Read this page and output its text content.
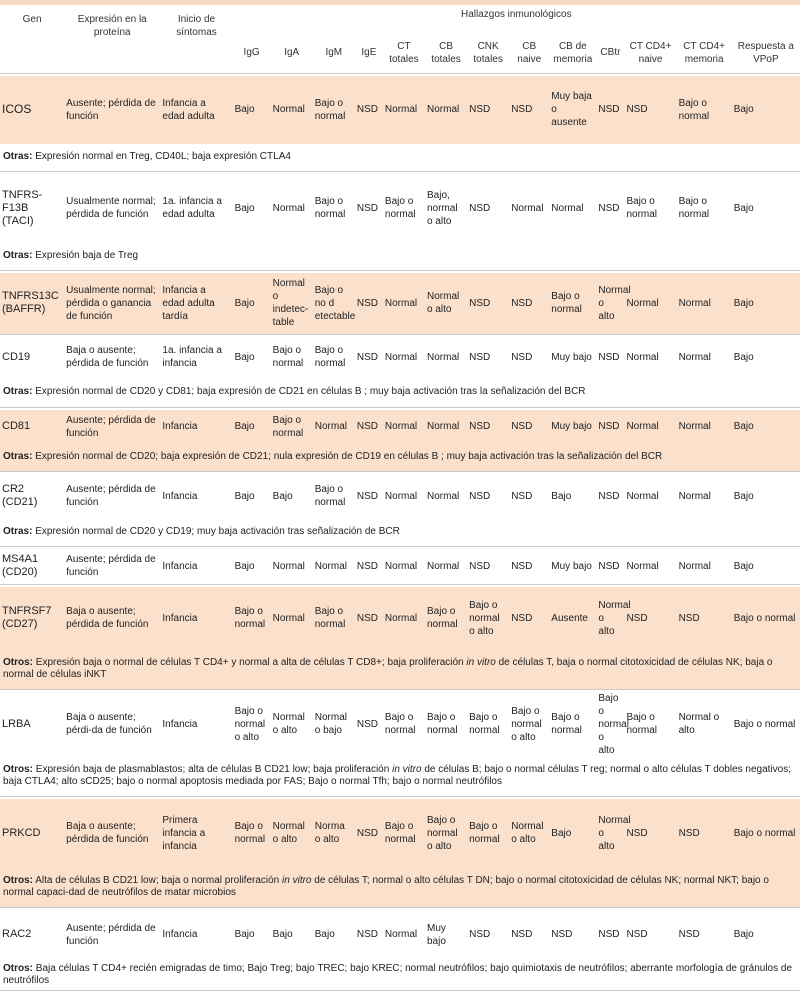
Gen	Expresión en la proteína	Inicio de síntomas	Hallazgos inmunológicos												
			IgG	IgA	IgM	IgE	CT totales	CB totales	CNK totales	CB naive	CB de memoria	CBtr	CT CD4+ naive	CT CD4+ memoria	Respuesta a VPoP

ICOS	Ausente; pérdida de función	Infancia a edad adulta	Bajo	Normal	Bajo o normal	NSD	Normal	Normal	NSD	NSD	Muy baja o ausente	NSD	NSD	Bajo o normal	Bajo
Otras: Expresión normal en Treg, CD40L; baja expresión CTLA4															

TNFRS-F13B (TACI)	Usualmente normal; pérdida de función	1a. infancia a edad adulta	Bajo	Normal	Bajo o normal	NSD	Bajo o normal	Bajo, normal o alto	NSD	Normal	Normal	NSD	Bajo o normal	Bajo o normal	Bajo
Otras: Expresión baja de Treg															

TNFRS13C (BAFFR)	Usualmente normal; pérdida o ganancia de función	Infancia a edad adulta tardía	Bajo	Normal o indetec-table	Bajo o no d etectable	NSD	Normal	Normal o alto	NSD	NSD	Bajo o normal	Normal o alto	Normal	Normal	Bajo

CD19	Baja o ausente; pérdida de función	1a. infancia a infancia	Bajo	Bajo o normal	Bajo o normal	NSD	Normal	Normal	NSD	NSD	Muy bajo	NSD	Normal	Normal	Bajo
Otras: Expresión normal de CD20 y CD81; baja expresión de CD21 en células B ; muy baja activación tras la señalización del BCR															

CD81	Ausente; pérdida de función	Infancia	Bajo	Bajo o normal	Normal	NSD	Normal	Normal	NSD	NSD	Muy bajo	NSD	Normal	Normal	Bajo
Otras: Expresión normal de CD20; baja expresión de CD21; nula expresión de CD19 en células B ; muy baja activación tras la señalización del BCR															

CR2 (CD21)	Ausente; pérdida de función	Infancia	Bajo	Bajo	Bajo o normal	NSD	Normal	Normal	NSD	NSD	Bajo	NSD	Normal	Normal	Bajo
Otras: Expresión normal de CD20 y CD19; muy baja activación tras señalización de BCR															

MS4A1 (CD20)	Ausente; pérdida de función	Infancia	Bajo	Normal	Normal	NSD	Normal	Normal	NSD	NSD	Muy bajo	NSD	Normal	Normal	Bajo

TNFRSF7 (CD27)	Baja o ausente; pérdida de función	Infancia	Bajo o normal	Normal	Bajo o normal	NSD	Normal	Bajo o normal	Bajo o normal o alto	NSD	Ausente	Normal o alto	NSD	NSD	Bajo o normal
Otros: Expresión baja o normal de células T CD4+ y normal a alta de células T CD8+; baja proliferación in vitro de células T, baja o normal citotoxicidad de células NK; baja o normal de células iNKT															

LRBA	Baja o ausente; pérdi-da de función	Infancia	Bajo o normal o alto	Normal o alto	Normal o bajo	NSD	Bajo o normal	Bajo o normal	Bajo o normal	Bajo o normal o alto	Bajo o normal	Bajo o normal o alto	Bajo o normal	Normal o alto	Bajo o normal
Otros: Expresión baja de plasmablastos; alta de células B CD21 low; baja proliferación in vitro de células B; bajo o normal células T reg; normal o alto células T dobles negativos; baja CTLA4; alto sCD25; bajo o normal apoptosis mediada por FAS; Bajo o normal Tfh; bajo o normal neutrófilos															

PRKCD	Baja o ausente; pérdida de función	Primera infancia a infancia	Bajo o normal	Normal o alto	Norma o alto	NSD	Bajo o normal	Bajo o normal o alto	Bajo o normal	Normal o alto	Bajo	Normal o alto	NSD	NSD	Bajo o normal
Otros: Alta de células B CD21 low; baja o normal proliferación in vitro de células T; normal o alto células T DN; bajo o normal citotoxicidad de células NK; normal NKT; bajo o normal capaci-dad de neutrófilos de matar microbios															

RAC2	Ausente; pérdida de función	Infancia	Bajo	Bajo	Bajo	NSD	Normal	Muy bajo	NSD	NSD	NSD	NSD	NSD	NSD	Bajo
Otros: Baja células T CD4+ recién emigradas de timo; Bajo Treg; bajo TREC; bajo KREC; normal neutrófilos; bajo quimiotaxis de neutrófilos; aberrante morfología de gránulos de neutrófilos															
